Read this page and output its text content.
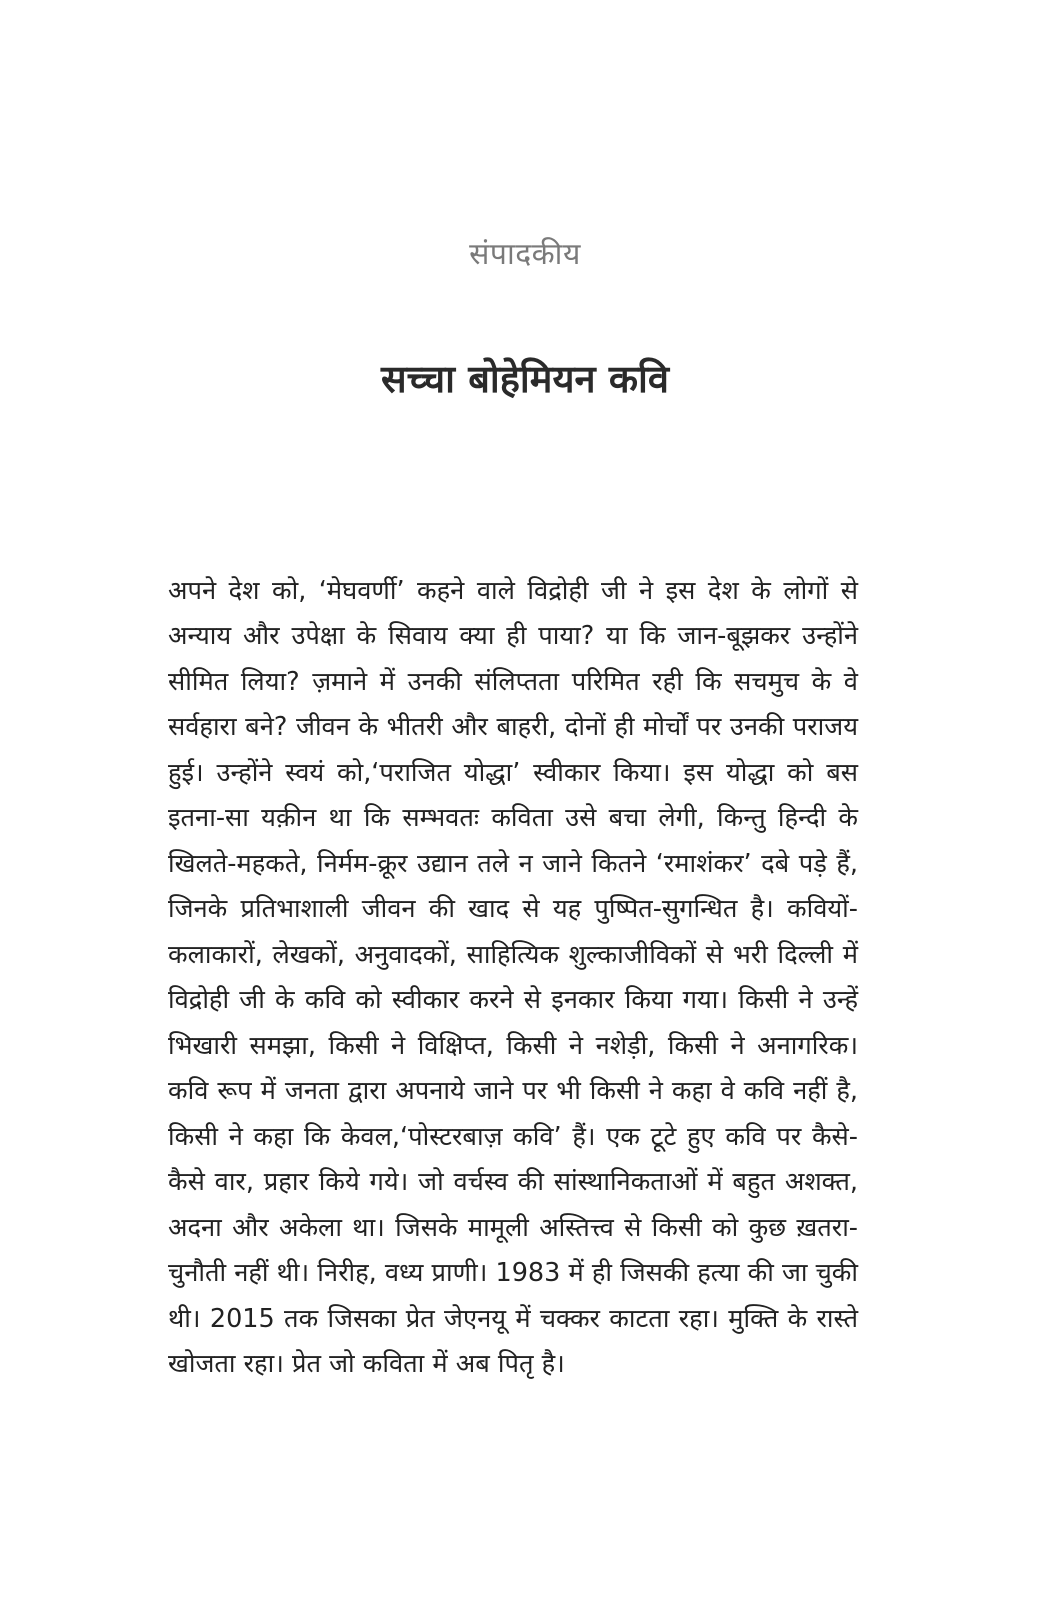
संपादकीय
सच्चा बोहेमियन कवि

अपने देश को, ‘मेघवर्णी’ कहने वाले विद्रोही जी ने इस देश के लोगों से अन्याय और उपेक्षा के सिवाय क्या ही पाया? या कि जान-बूझकर उन्होंने सीमित लिया? ज़माने में उनकी संलिप्तता परिमित रही कि सचमुच के वे सर्वहारा बने? जीवन के भीतरी और बाहरी, दोनों ही मोर्चों पर उनकी पराजय हुई। उन्होंने स्वयं को,‘पराजित योद्धा’ स्वीकार किया। इस योद्धा को बस इतना-सा यक़ीन था कि सम्भवतः कविता उसे बचा लेगी, किन्तु हिन्दी के खिलते-महकते, निर्मम-क्रूर उद्यान तले न जाने कितने ‘रमाशंकर’ दबे पड़े हैं, जिनके प्रतिभाशाली जीवन की खाद से यह पुष्पित-सुगन्धित है। कवियों-कलाकारों, लेखकों, अनुवादकों, साहित्यिक शुल्काजीविकों से भरी दिल्ली में विद्रोही जी के कवि को स्वीकार करने से इनकार किया गया। किसी ने उन्हें भिखारी समझा, किसी ने विक्षिप्त, किसी ने नशेड़ी, किसी ने अनागरिक। कवि रूप में जनता द्वारा अपनाये जाने पर भी किसी ने कहा वे कवि नहीं है, किसी ने कहा कि केवल,‘पोस्टरबाज़ कवि’ हैं। एक टूटे हुए कवि पर कैसे-कैसे वार, प्रहार किये गये। जो वर्चस्व की सांस्थानिकताओं में बहुत अशक्त, अदना और अकेला था। जिसके मामूली अस्तित्त्व से किसी को कुछ ख़तरा-चुनौती नहीं थी। निरीह, वध्य प्राणी। 1983 में ही जिसकी हत्या की जा चुकी थी। 2015 तक जिसका प्रेत जेएनयू में चक्कर काटता रहा। मुक्ति के रास्ते खोजता रहा। प्रेत जो कविता में अब पितृ है।
